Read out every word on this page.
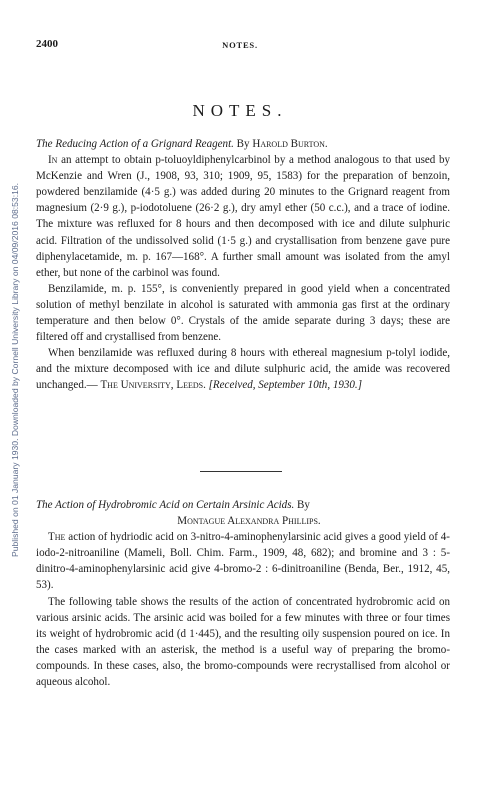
Published on 01 January 1930. Downloaded by Cornell University Library on 04/09/2016 08:53:16.
2400	NOTES.
NOTES.

The Reducing Action of a Grignard Reagent. By Harold Burton.

In an attempt to obtain p-toluoyldiphenylcarbinol by a method analogous to that used by McKenzie and Wren (J., 1908, 93, 310; 1909, 95, 1583) for the preparation of benzoin, powdered benzilamide (4·5 g.) was added during 20 minutes to the Grignard reagent from magnesium (2·9 g.), p-iodotoluene (26·2 g.), dry amyl ether (50 c.c.), and a trace of iodine. The mixture was refluxed for 8 hours and then decomposed with ice and dilute sulphuric acid. Filtration of the undissolved solid (1·5 g.) and crystallisation from benzene gave pure diphenylacetamide, m. p. 167—168°. A further small amount was isolated from the amyl ether, but none of the carbinol was found.

Benzilamide, m. p. 155°, is conveniently prepared in good yield when a concentrated solution of methyl benzilate in alcohol is saturated with ammonia gas first at the ordinary temperature and then below 0°. Crystals of the amide separate during 3 days; these are filtered off and crystallised from benzene.

When benzilamide was refluxed during 8 hours with ethereal magnesium p-tolyl iodide, and the mixture decomposed with ice and dilute sulphuric acid, the amide was recovered unchanged.— The University, Leeds. [Received, September 10th, 1930.]

The Action of Hydrobromic Acid on Certain Arsinic Acids. By

Montague Alexandra Phillips.

The action of hydriodic acid on 3-nitro-4-aminophenylarsinic acid gives a good yield of 4-iodo-2-nitroaniline (Mameli, Boll. Chim. Farm., 1909, 48, 682); and bromine and 3 : 5-dinitro-4-aminophenylarsinic acid give 4-bromo-2 : 6-dinitroaniline (Benda, Ber., 1912, 45, 53).

The following table shows the results of the action of concentrated hydrobromic acid on various arsinic acids. The arsinic acid was boiled for a few minutes with three or four times its weight of hydrobromic acid (d 1·445), and the resulting oily suspension poured on ice. In the cases marked with an asterisk, the method is a useful way of preparing the bromo-compounds. In these cases, also, the bromo-compounds were recrystallised from alcohol or aqueous alcohol.
